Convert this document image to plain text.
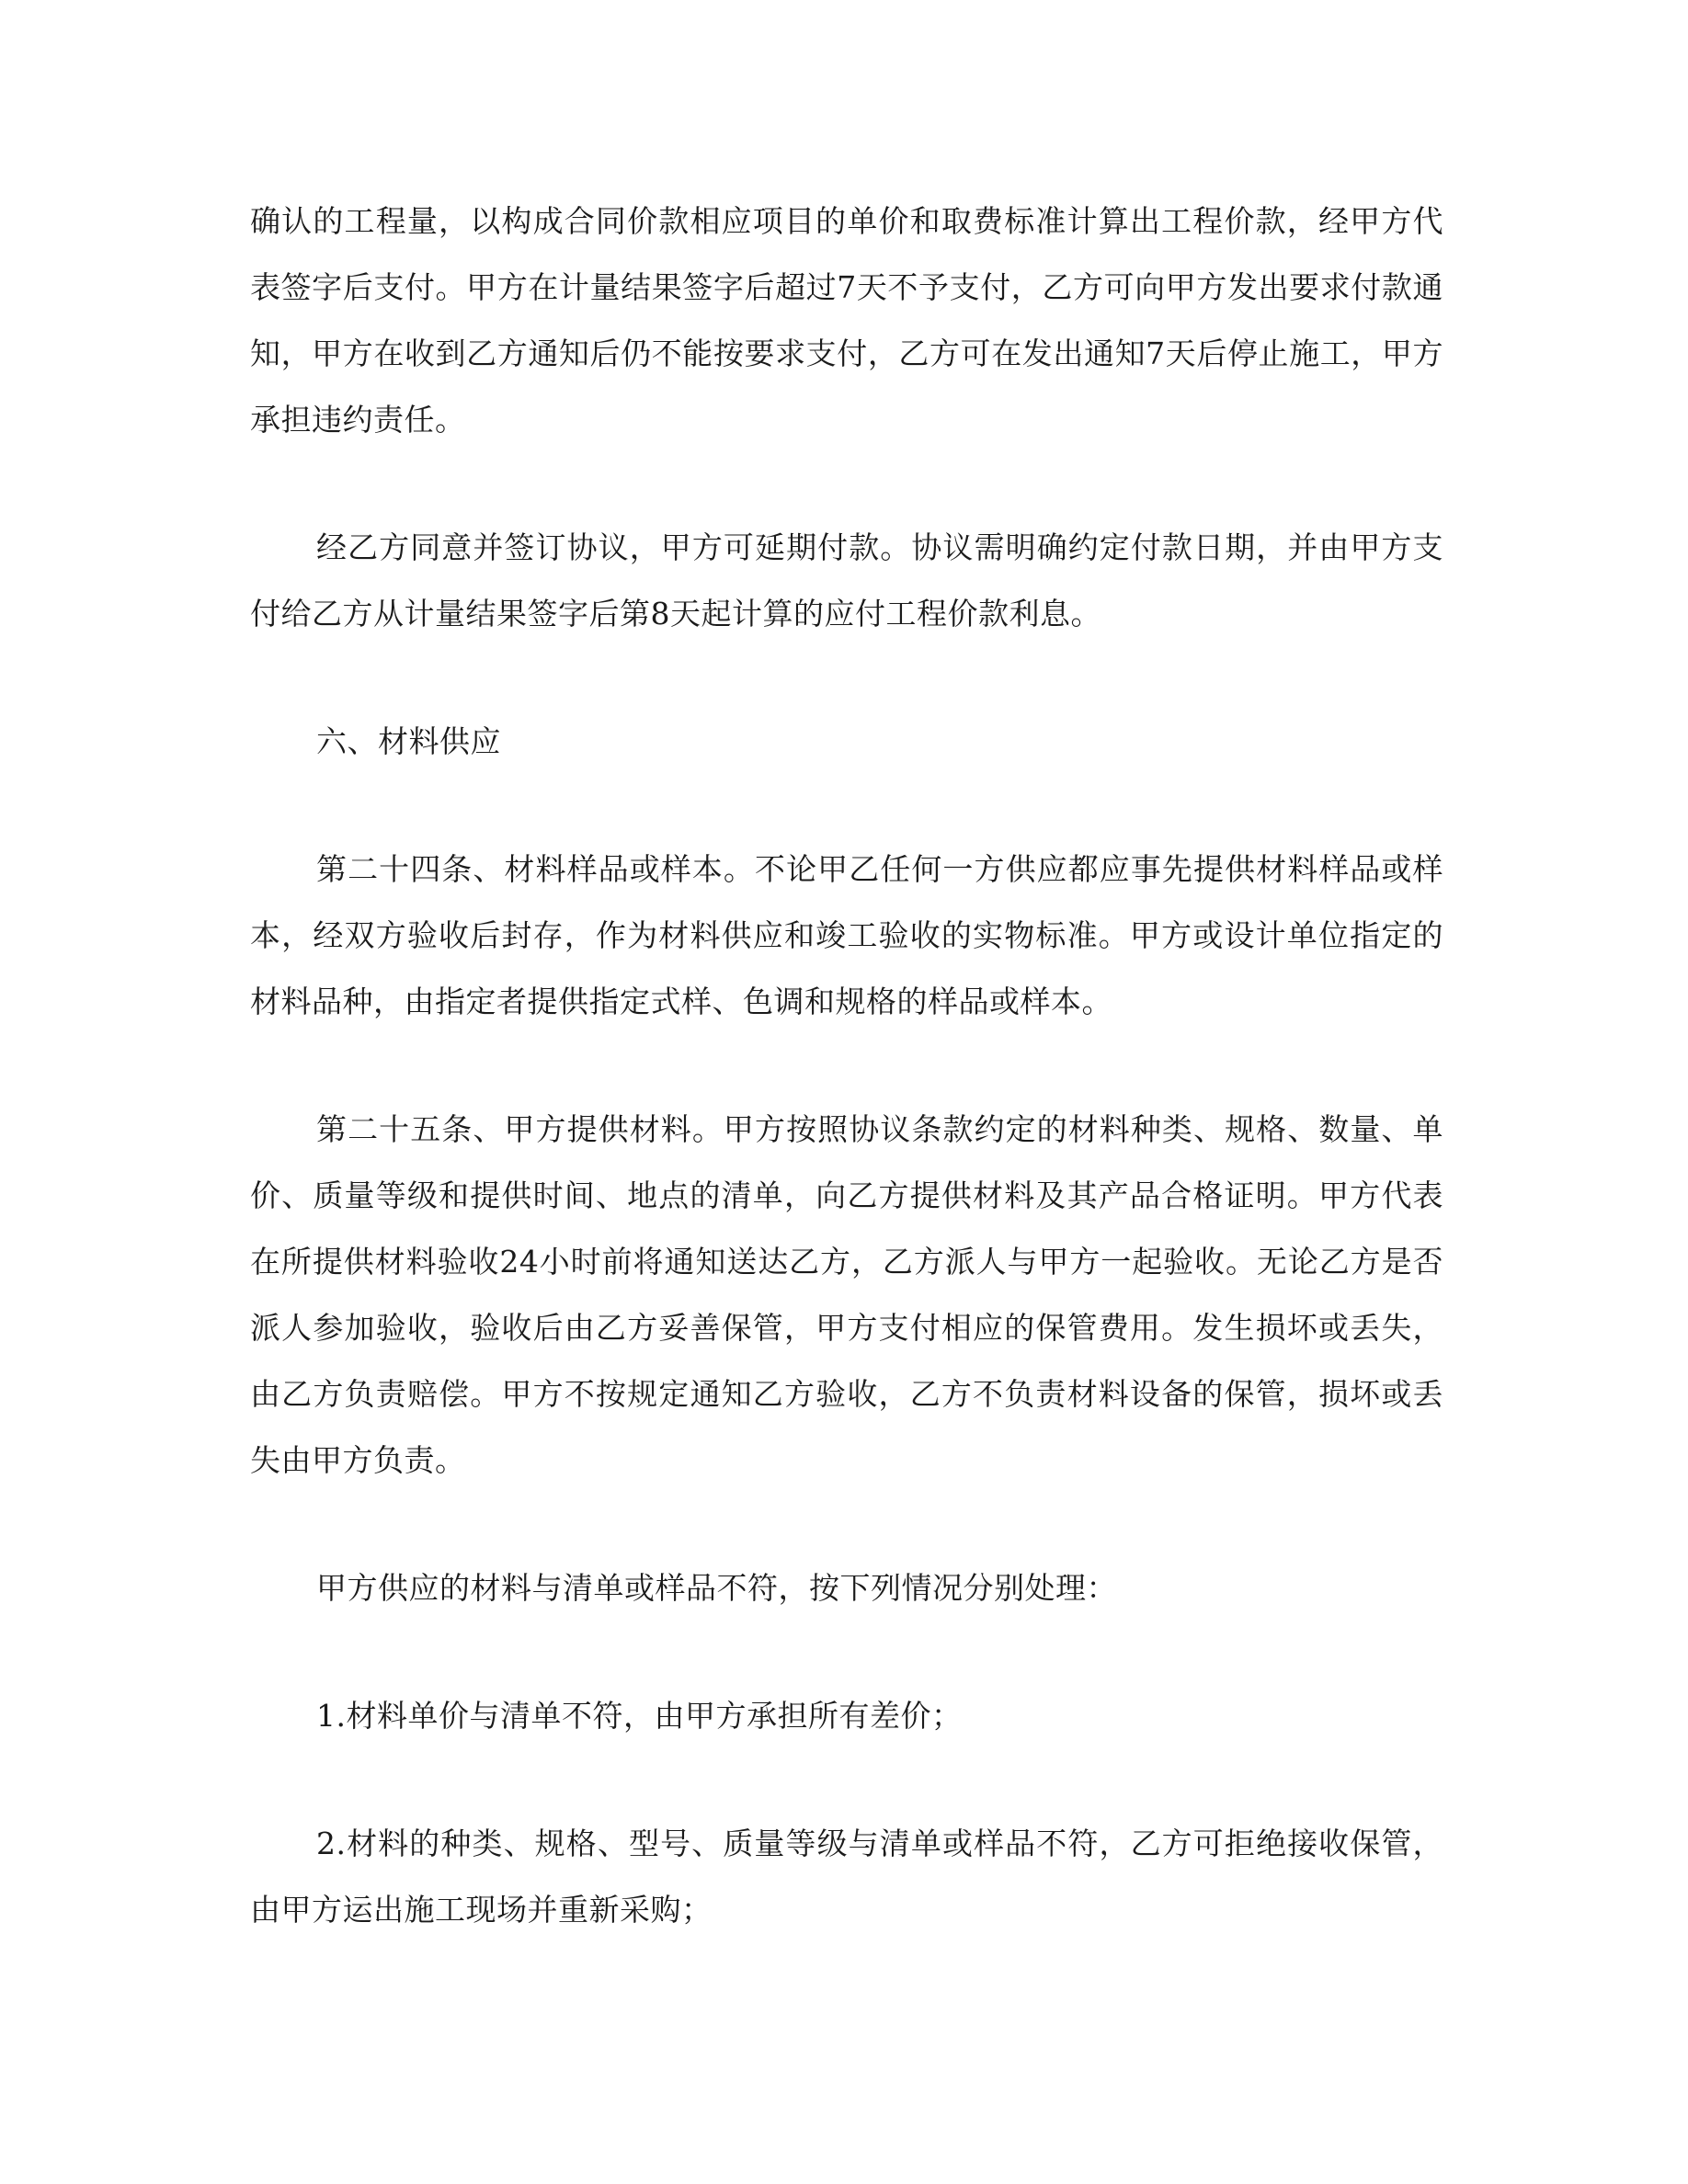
确认的工程量，以构成合同价款相应项目的单价和取费标准计算出工程价款，经甲方代表签字后支付。甲方在计量结果签字后超过7天不予支付，乙方可向甲方发出要求付款通知，甲方在收到乙方通知后仍不能按要求支付，乙方可在发出通知7天后停止施工，甲方承担违约责任。

经乙方同意并签订协议，甲方可延期付款。协议需明确约定付款日期，并由甲方支付给乙方从计量结果签字后第8天起计算的应付工程价款利息。

六、材料供应

第二十四条、材料样品或样本。不论甲乙任何一方供应都应事先提供材料样品或样本，经双方验收后封存，作为材料供应和竣工验收的实物标准。甲方或设计单位指定的材料品种，由指定者提供指定式样、色调和规格的样品或样本。

第二十五条、甲方提供材料。甲方按照协议条款约定的材料种类、规格、数量、单价、质量等级和提供时间、地点的清单，向乙方提供材料及其产品合格证明。甲方代表在所提供材料验收24小时前将通知送达乙方，乙方派人与甲方一起验收。无论乙方是否派人参加验收，验收后由乙方妥善保管，甲方支付相应的保管费用。发生损坏或丢失，由乙方负责赔偿。甲方不按规定通知乙方验收，乙方不负责材料设备的保管，损坏或丢失由甲方负责。

甲方供应的材料与清单或样品不符，按下列情况分别处理：

1.材料单价与清单不符，由甲方承担所有差价；

2.材料的种类、规格、型号、质量等级与清单或样品不符，乙方可拒绝接收保管，由甲方运出施工现场并重新采购；
